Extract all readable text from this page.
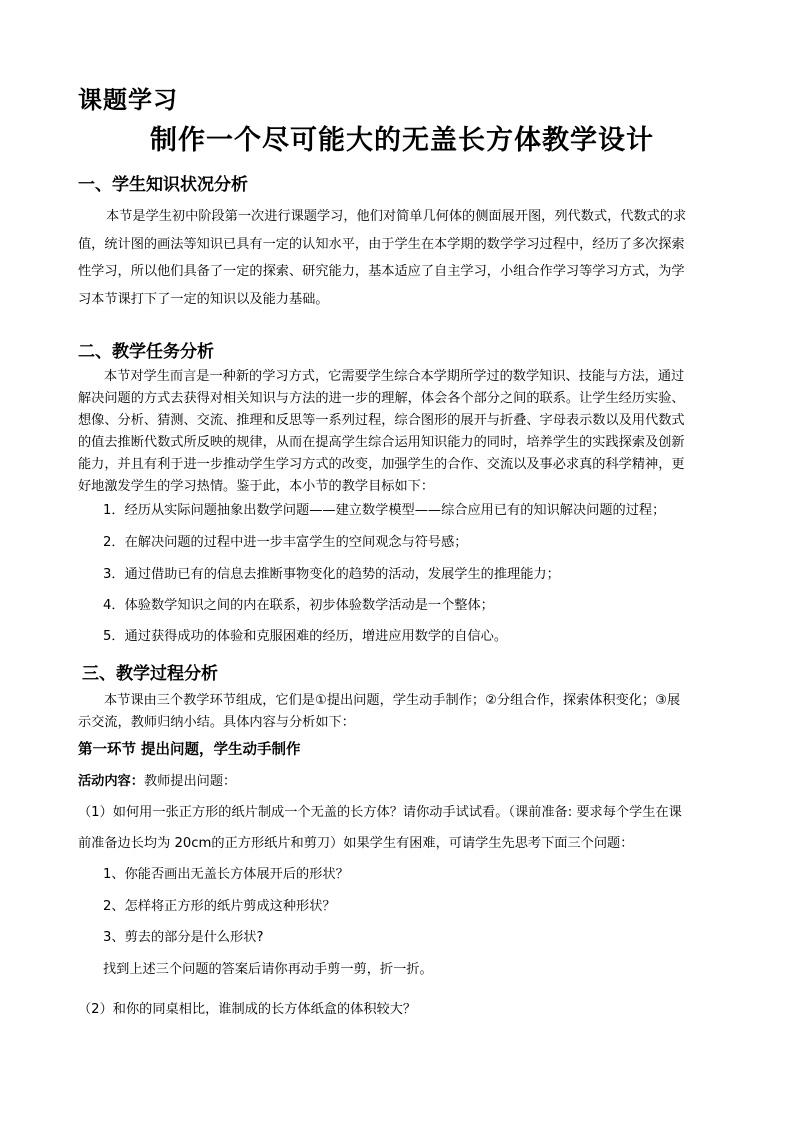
课题学习
制作一个尽可能大的无盖长方体教学设计
一、学生知识状况分析
本节是学生初中阶段第一次进行课题学习，他们对简单几何体的侧面展开图，列代数式，代数式的求
值，统计图的画法等知识已具有一定的认知水平，由于学生在本学期的数学学习过程中，经历了多次探索
性学习，所以他们具备了一定的探索、研究能力，基本适应了自主学习，小组合作学习等学习方式，为学
习本节课打下了一定的知识以及能力基础。
二、教学任务分析
本节对学生而言是一种新的学习方式，它需要学生综合本学期所学过的数学知识、技能与方法，通过
解决问题的方式去获得对相关知识与方法的进一步的理解，体会各个部分之间的联系。让学生经历实验、
想像、分析、猜测、交流、推理和反思等一系列过程，综合图形的展开与折叠、字母表示数以及用代数式
的值去推断代数式所反映的规律，从而在提高学生综合运用知识能力的同时，培养学生的实践探索及创新
能力，并且有利于进一步推动学生学习方式的改变，加强学生的合作、交流以及事必求真的科学精神，更
好地激发学生的学习热情。鉴于此，本小节的教学目标如下：
1．经历从实际问题抽象出数学问题——建立数学模型——综合应用已有的知识解决问题的过程；
2．在解决问题的过程中进一步丰富学生的空间观念与符号感；
3．通过借助已有的信息去推断事物变化的趋势的活动，发展学生的推理能力；
4．体验数学知识之间的内在联系，初步体验数学活动是一个整体；
5．通过获得成功的体验和克服困难的经历，增进应用数学的自信心。
三、教学过程分析
本节课由三个教学环节组成，它们是①提出问题，学生动手制作；②分组合作，探索体积变化；③展
示交流，教师归纳小结。具体内容与分析如下：
第一环节 提出问题，学生动手制作
活动内容：教师提出问题：
（1）如何用一张正方形的纸片制成一个无盖的长方体？请你动手试试看。（课前准备: 要求每个学生在课
前准备边长均为 20cm的正方形纸片和剪刀）如果学生有困难，可请学生先思考下面三个问题：
1、你能否画出无盖长方体展开后的形状？
2、怎样将正方形的纸片剪成这种形状？
3、剪去的部分是什么形状?
找到上述三个问题的答案后请你再动手剪一剪，折一折。
（2）和你的同桌相比，谁制成的长方体纸盒的体积较大？
